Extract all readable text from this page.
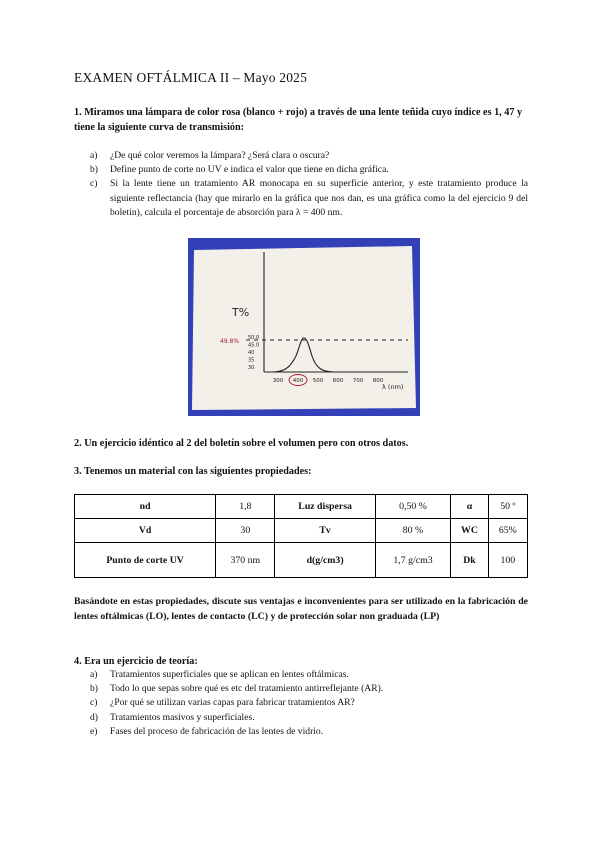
EXAMEN OFTÁLMICA II – Mayo 2025
1. Miramos una lámpara de color rosa (blanco + rojo) a través de una lente teñida cuyo índice es 1, 47 y tiene la siguiente curva de transmisión:
a)	¿De qué color veremos la lámpara? ¿Será clara o oscura?
b)	Define punto de corte no UV e indica el valor que tiene en dicha gráfica.
c)	Si la lente tiene un tratamiento AR monocapa en su superficie anterior, y este tratamiento produce la siguiente reflectancia (hay que mirarlo en la gráfica que nos dan, es una gráfica como la del ejercicio 9 del boletín), calcula el porcentaje de absorción para λ = 400 nm.
T%
49.8% 50.0
45.0
40
35
30
300 400 500 600 700 800
λ (nm)
2. Un ejercicio idéntico al 2 del boletín sobre el volumen pero con otros datos.
3. Tenemos un material con las siguientes propiedades:
nd	1,8	Luz dispersa	0,50 %	α	50 º
Vd	30	Tv	80 %	WC	65%
Punto de corte UV	370 nm	d(g/cm3)	1,7 g/cm3	Dk	100
Basándote en estas propiedades, discute sus ventajas e inconvenientes para ser utilizado en la fabricación de lentes oftálmicas (LO), lentes de contacto (LC) y de protección solar non graduada (LP)
4. Era un ejercicio de teoría:
a)	Tratamientos superficiales que se aplican en lentes oftálmicas.
b)	Todo lo que sepas sobre qué es etc del tratamiento antirreflejante (AR).
c)	¿Por qué se utilizan varias capas para fabricar tratamientos AR?
d)	Tratamientos masivos y superficiales.
e)	Fases del proceso de fabricación de las lentes de vidrio.
